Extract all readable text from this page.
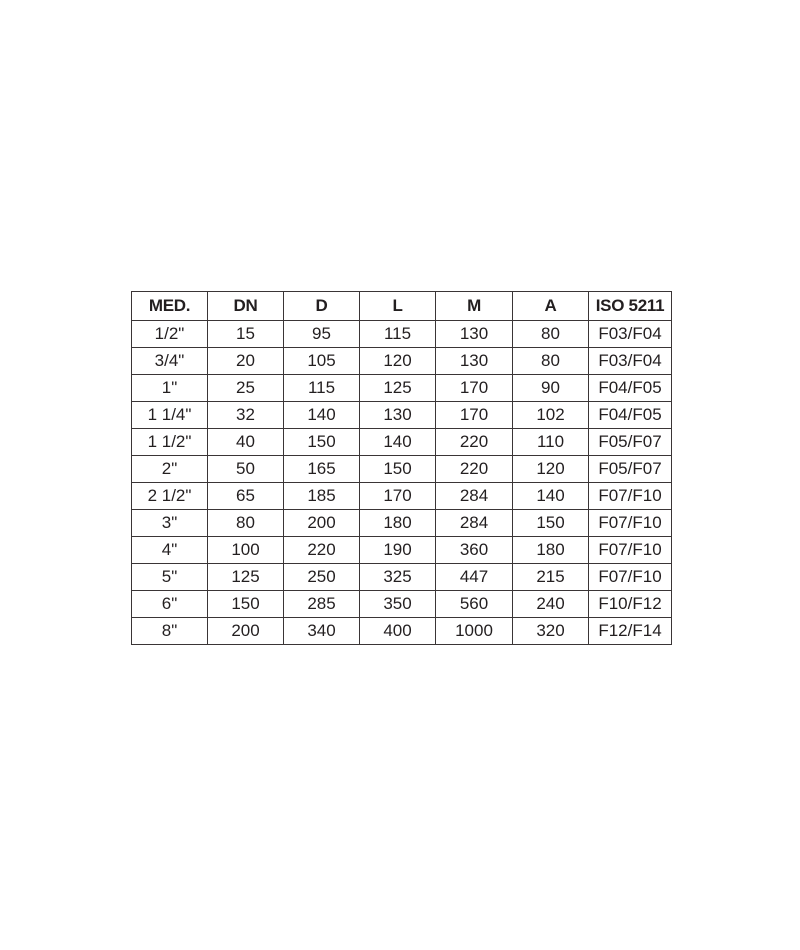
MED.	DN	D	L	M	A	ISO 5211
1/2"	15	95	115	130	80	F03/F04
3/4"	20	105	120	130	80	F03/F04
1"	25	115	125	170	90	F04/F05
1 1/4"	32	140	130	170	102	F04/F05
1 1/2"	40	150	140	220	110	F05/F07
2"	50	165	150	220	120	F05/F07
2 1/2"	65	185	170	284	140	F07/F10
3"	80	200	180	284	150	F07/F10
4"	100	220	190	360	180	F07/F10
5"	125	250	325	447	215	F07/F10
6"	150	285	350	560	240	F10/F12
8"	200	340	400	1000	320	F12/F14
